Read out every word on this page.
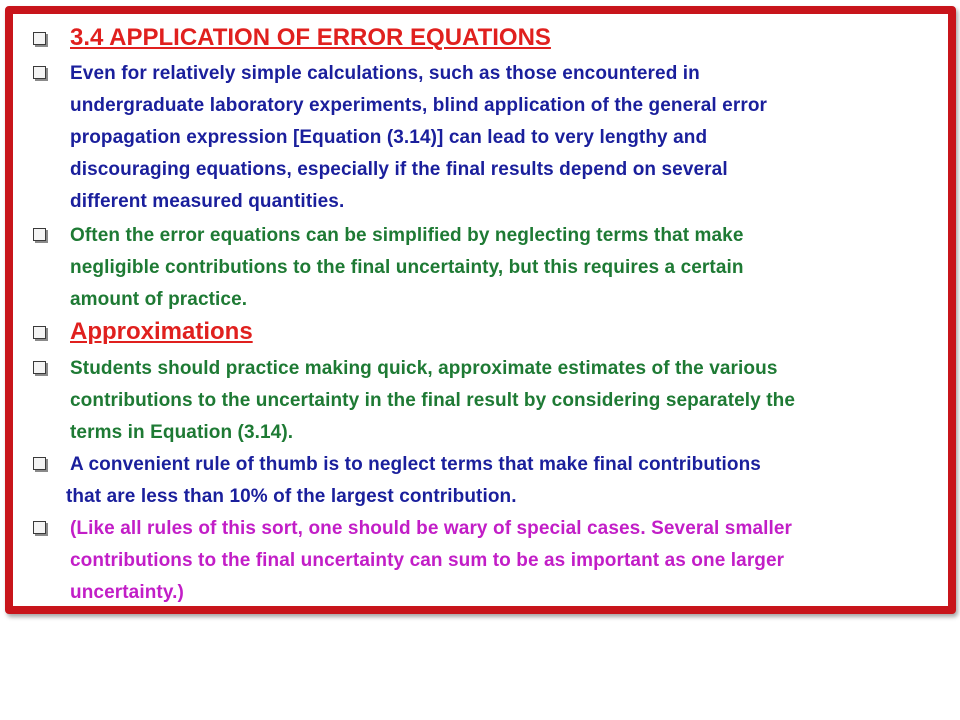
3.4 APPLICATION OF ERROR EQUATIONS
Even for relatively simple calculations, such as those encountered in
undergraduate laboratory experiments, blind application of the general error
propagation expression [Equation (3.14)] can lead to very lengthy and
discouraging equations, especially if the final results depend on several
different measured quantities.
Often the error equations can be simplified by neglecting terms that make
negligible contributions to the final uncertainty, but this requires a certain
amount of practice.
Approximations
Students should practice making quick, approximate estimates of the various
contributions to the uncertainty in the final result by considering separately the
terms in Equation (3.14).
A convenient rule of thumb is to neglect terms that make final contributions
that are less than 10% of the largest contribution.
(Like all rules of this sort, one should be wary of special cases. Several smaller
contributions to the final uncertainty can sum to be as important as one larger
uncertainty.)
